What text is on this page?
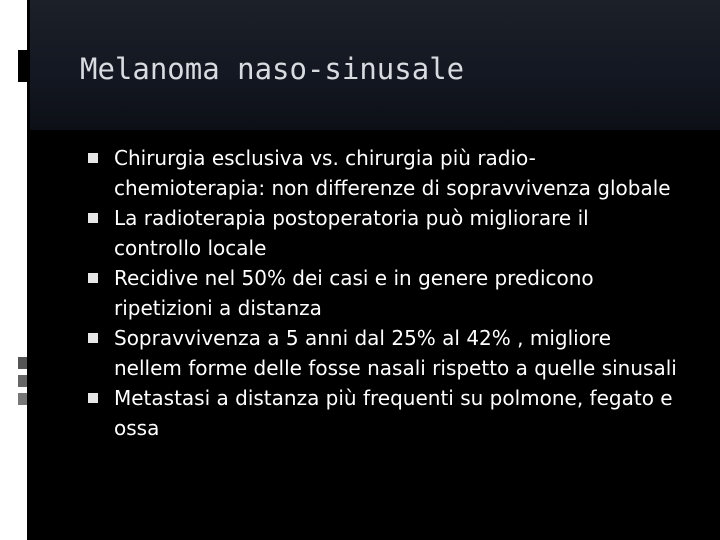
Melanoma naso-sinusale
Chirurgia esclusiva vs. chirurgia più radio-chemioterapia: non differenze di sopravvivenza globale
La radioterapia postoperatoria può migliorare il controllo locale
Recidive nel 50% dei casi e in genere predicono ripetizioni a distanza
Sopravvivenza a 5 anni dal 25% al 42% , migliore nellem forme delle fosse nasali rispetto a quelle sinusali
Metastasi a distanza più frequenti su polmone, fegato e ossa
